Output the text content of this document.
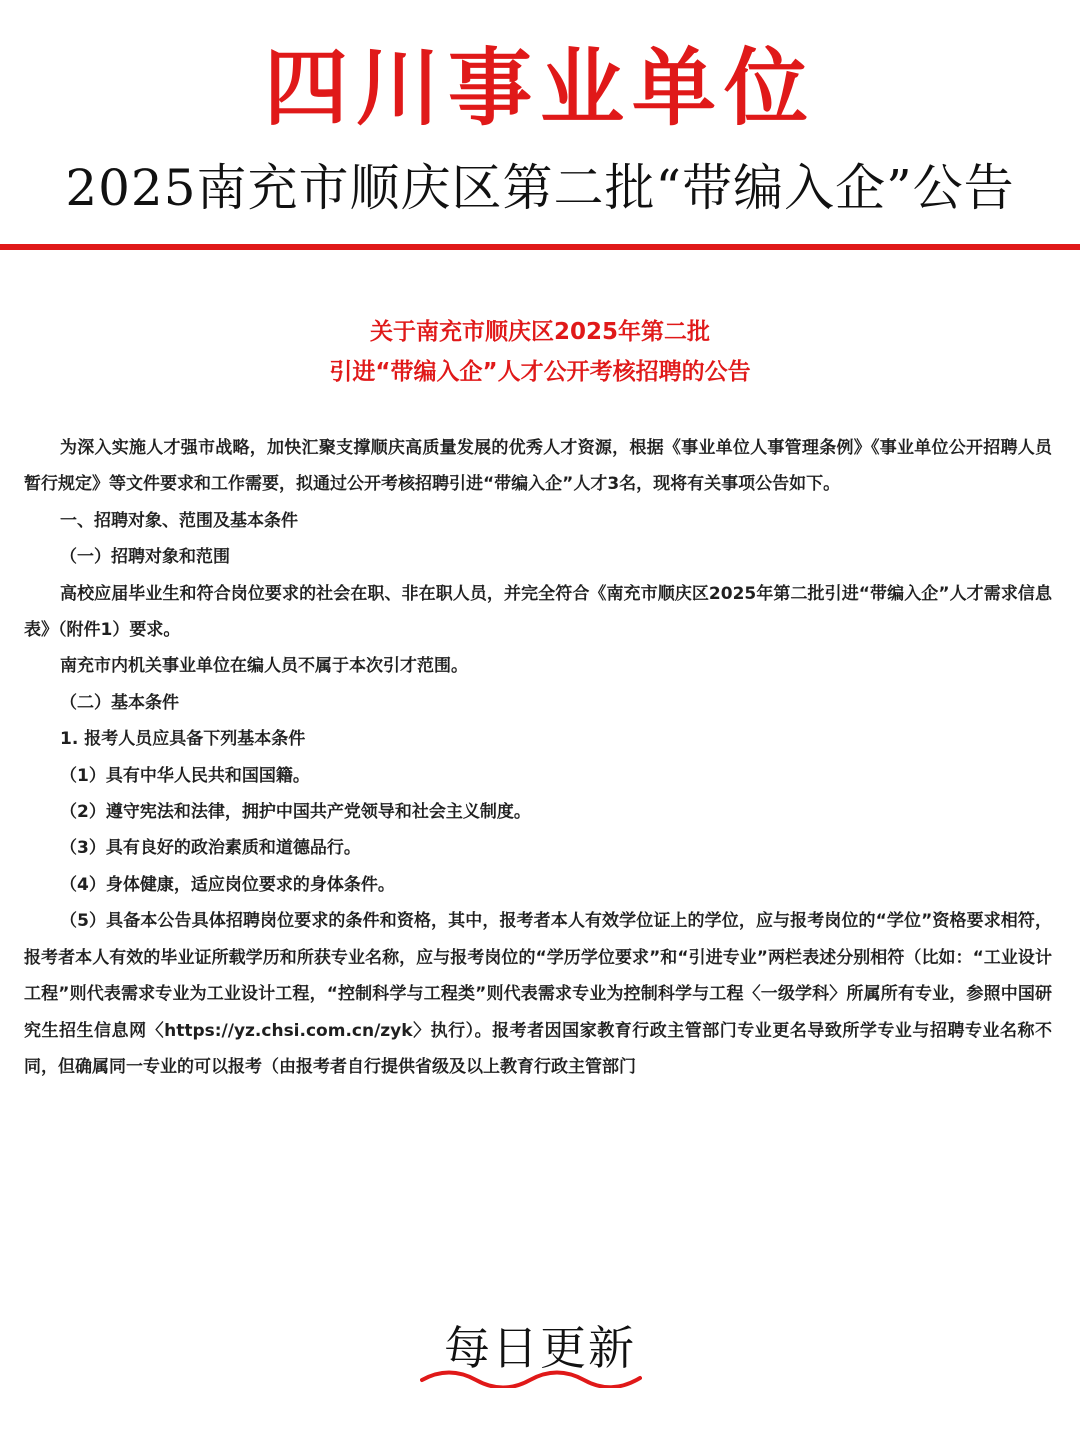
四川事业单位
2025南充市顺庆区第二批“带编入企”公告
关于南充市顺庆区2025年第二批
引进“带编入企”人才公开考核招聘的公告

为深入实施人才强市战略，加快汇聚支撑顺庆高质量发展的优秀人才资源，根据《事业单位人事管理条例》《事业单位公开招聘人员暂行规定》等文件要求和工作需要，拟通过公开考核招聘引进“带编入企”人才3名，现将有关事项公告如下。

一、招聘对象、范围及基本条件

（一）招聘对象和范围

高校应届毕业生和符合岗位要求的社会在职、非在职人员，并完全符合《南充市顺庆区2025年第二批引进“带编入企”人才需求信息表》（附件1）要求。

南充市内机关事业单位在编人员不属于本次引才范围。

（二）基本条件

1. 报考人员应具备下列基本条件

（1）具有中华人民共和国国籍。

（2）遵守宪法和法律，拥护中国共产党领导和社会主义制度。

（3）具有良好的政治素质和道德品行。

（4）身体健康，适应岗位要求的身体条件。

（5）具备本公告具体招聘岗位要求的条件和资格，其中，报考者本人有效学位证上的学位，应与报考岗位的“学位”资格要求相符，报考者本人有效的毕业证所载学历和所获专业名称，应与报考岗位的“学历学位要求”和“引进专业”两栏表述分别相符（比如：“工业设计工程”则代表需求专业为工业设计工程，“控制科学与工程类”则代表需求专业为控制科学与工程〈一级学科〉所属所有专业，参照中国研究生招生信息网〈https://yz.chsi.com.cn/zyk〉执行）。报考者因国家教育行政主管部门专业更名导致所学专业与招聘专业名称不同，但确属同一专业的可以报考（由报考者自行提供省级及以上教育行政主管部门

每日更新
